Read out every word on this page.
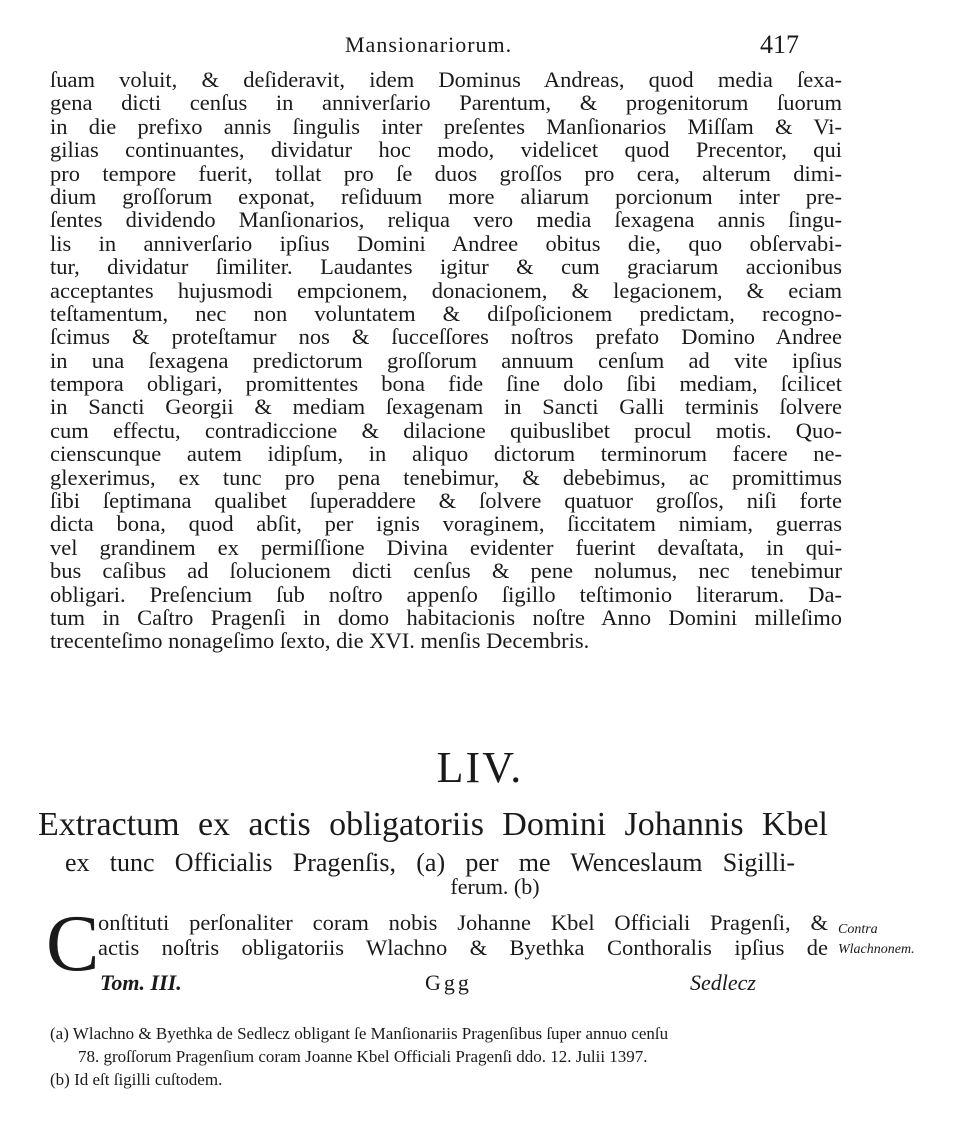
Mansionariorum.	417
ſuam voluit, & deſideravit, idem Dominus Andreas, quod media ſexa-
gena dicti cenſus in anniverſario Parentum, & progenitorum ſuorum
in die prefixo annis ſingulis inter preſentes Manſionarios Miſſam & Vi-
gilias continuantes, dividatur hoc modo, videlicet quod Precentor, qui
pro tempore fuerit, tollat pro ſe duos groſſos pro cera, alterum dimi-
dium groſſorum exponat, reſiduum more aliarum porcionum inter pre-
ſentes dividendo Manſionarios, reliqua vero media ſexagena annis ſingu-
lis in anniverſario ipſius Domini Andree obitus die, quo obſervabi-
tur, dividatur ſimiliter. Laudantes igitur & cum graciarum accionibus
acceptantes hujusmodi empcionem, donacionem, & legacionem, & eciam
teſtamentum, nec non voluntatem & diſpoſicionem predictam, recogno-
ſcimus & proteſtamur nos & ſucceſſores noſtros prefato Domino Andree
in una ſexagena predictorum groſſorum annuum cenſum ad vite ipſius
tempora obligari, promittentes bona fide ſine dolo ſibi mediam, ſcilicet
in Sancti Georgii & mediam ſexagenam in Sancti Galli terminis ſolvere
cum effectu, contradiccione & dilacione quibuslibet procul motis. Quo-
cienscunque autem idipſum, in aliquo dictorum terminorum facere ne-
glexerimus, ex tunc pro pena tenebimur, & debebimus, ac promittimus
ſibi ſeptimana qualibet ſuperaddere & ſolvere quatuor groſſos, niſi forte
dicta bona, quod abſit, per ignis voraginem, ſiccitatem nimiam, guerras
vel grandinem ex permiſſione Divina evidenter fuerint devaſtata, in qui-
bus caſibus ad ſolucionem dicti cenſus & pene nolumus, nec tenebimur
obligari. Preſencium ſub noſtro appenſo ſigillo teſtimonio literarum. Da-
tum in Caſtro Pragenſi in domo habitacionis noſtre Anno Domini milleſimo
trecenteſimo nonageſimo ſexto, die XVI. menſis Decembris.
LIV.
Extractum ex actis obligatoriis Domini Johannis Kbel
ex tunc Officialis Pragenſis, (a) per me Wenceslaum Sigilli-
ferum. (b)
C
onſtituti perſonaliter coram nobis Johanne Kbel Officiali Pragenſi, &
actis noſtris obligatoriis Wlachno & Byethka Conthoralis ipſius de
Tom. III.	Ggg	Sedlecz
Contra Wlachnonem.
(a) Wlachno & Byethka de Sedlecz obligant ſe Manſionariis Pragenſibus ſuper annuo cenſu
78. groſſorum Pragenſium coram Joanne Kbel Officiali Pragenſi ddo. 12. Julii 1397.
(b) Id eſt ſigilli cuſtodem.
